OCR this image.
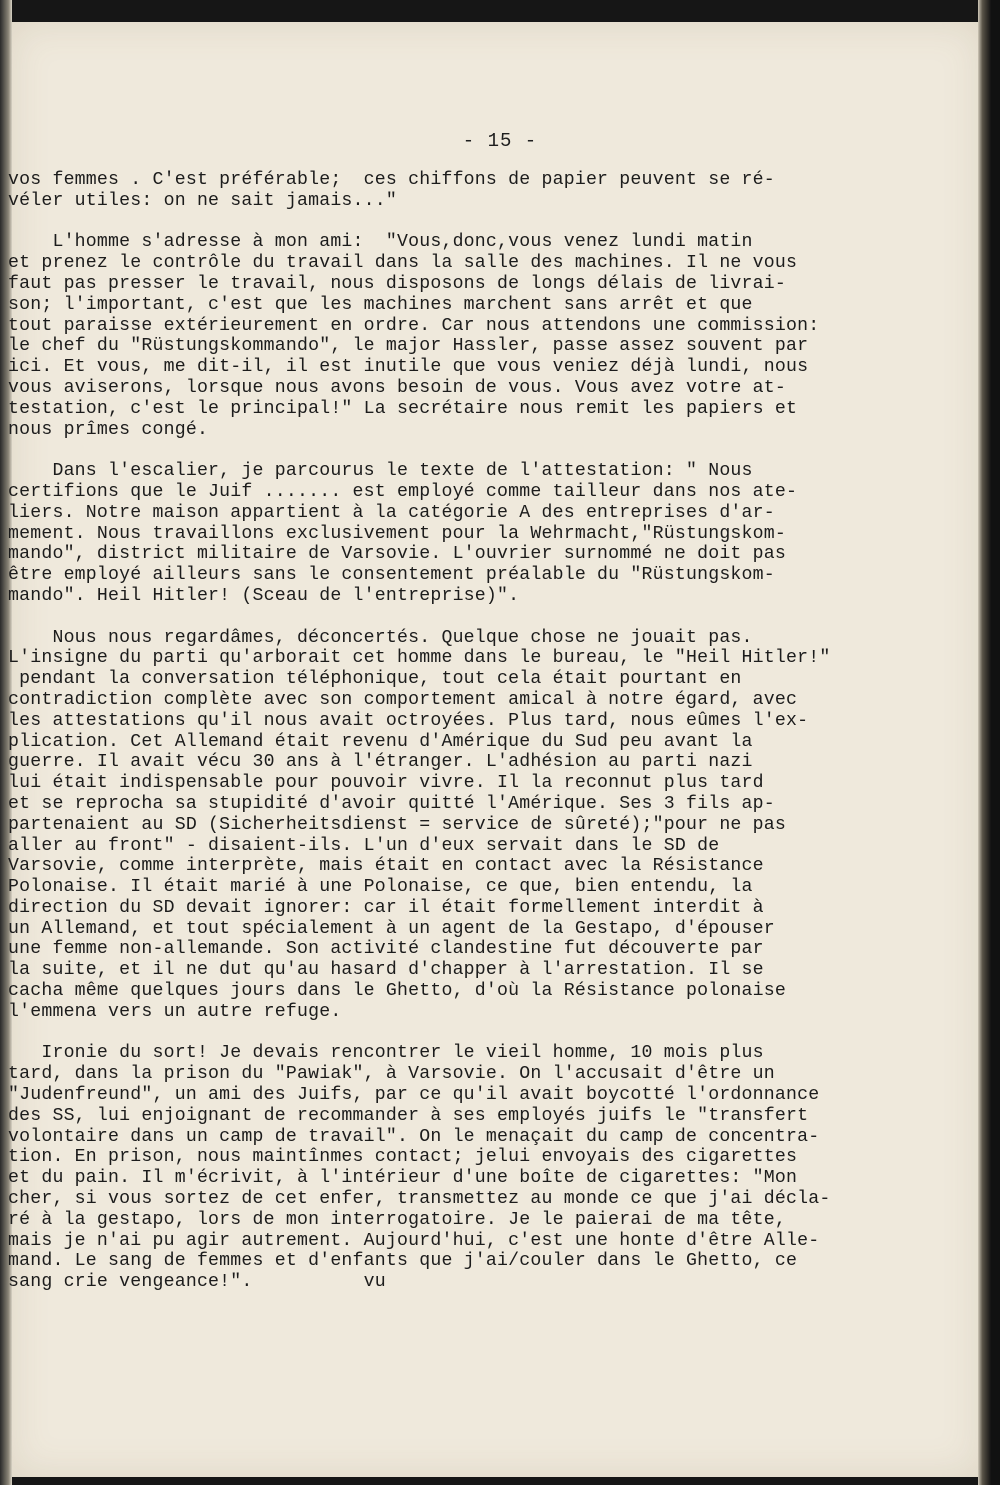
- 15 -

vos femmes . C'est préférable;  ces chiffons de papier peuvent se ré-
véler utiles: on ne sait jamais..."

L'homme s'adresse à mon ami:  "Vous,donc,vous venez lundi matin
et prenez le contrôle du travail dans la salle des machines. Il ne vous
faut pas presser le travail, nous disposons de longs délais de livrai-
son; l'important, c'est que les machines marchent sans arrêt et que
tout paraisse extérieurement en ordre. Car nous attendons une commission:
le chef du "Rüstungskommando", le major Hassler, passe assez souvent par
ici. Et vous, me dit-il, il est inutile que vous veniez déjà lundi, nous
vous aviserons, lorsque nous avons besoin de vous. Vous avez votre at-
testation, c'est le principal!" La secrétaire nous remit les papiers et
nous prîmes congé.

Dans l'escalier, je parcourus le texte de l'attestation: " Nous
certifions que le Juif ....... est employé comme tailleur dans nos ate-
liers. Notre maison appartient à la catégorie A des entreprises d'ar-
mement. Nous travaillons exclusivement pour la Wehrmacht,"Rüstungskom-
mando", district militaire de Varsovie. L'ouvrier surnommé ne doit pas
être employé ailleurs sans le consentement préalable du "Rüstungskom-
mando". Heil Hitler! (Sceau de l'entreprise)".

Nous nous regardâmes, déconcertés. Quelque chose ne jouait pas.
L'insigne du parti qu'arborait cet homme dans le bureau, le "Heil Hitler!"
pendant la conversation téléphonique, tout cela était pourtant en
contradiction complète avec son comportement amical à notre égard, avec
les attestations qu'il nous avait octroyées. Plus tard, nous eûmes l'ex-
plication. Cet Allemand était revenu d'Amérique du Sud peu avant la
guerre. Il avait vécu 30 ans à l'étranger. L'adhésion au parti nazi
lui était indispensable pour pouvoir vivre. Il la reconnut plus tard
et se reprocha sa stupidité d'avoir quitté l'Amérique. Ses 3 fils ap-
partenaient au SD (Sicherheitsdienst = service de sûreté);"pour ne pas
aller au front" - disaient-ils. L'un d'eux servait dans le SD de
Varsovie, comme interprète, mais était en contact avec la Résistance
Polonaise. Il était marié à une Polonaise, ce que, bien entendu, la
direction du SD devait ignorer: car il était formellement interdit à
un Allemand, et tout spécialement à un agent de la Gestapo, d'épouser
une femme non-allemande. Son activité clandestine fut découverte par
la suite, et il ne dut qu'au hasard d'chapper à l'arrestation. Il se
cacha même quelques jours dans le Ghetto, d'où la Résistance polonaise
l'emmena vers un autre refuge.

Ironie du sort! Je devais rencontrer le vieil homme, 10 mois plus
tard, dans la prison du "Pawiak", à Varsovie. On l'accusait d'être un
"Judenfreund", un ami des Juifs, par ce qu'il avait boycotté l'ordonnance
des SS, lui enjoignant de recommander à ses employés juifs le "transfert
volontaire dans un camp de travail". On le menaçait du camp de concentra-
tion. En prison, nous maintînmes contact; jelui envoyais des cigarettes
et du pain. Il m'écrivit, à l'intérieur d'une boîte de cigarettes: "Mon
cher, si vous sortez de cet enfer, transmettez au monde ce que j'ai décla-
ré à la gestapo, lors de mon interrogatoire. Je le paierai de ma tête,
mais je n'ai pu agir autrement. Aujourd'hui, c'est une honte d'être Alle-
mand. Le sang de femmes et d'enfants que j'ai/couler dans le Ghetto, ce
sang crie vengeance!".          vu
